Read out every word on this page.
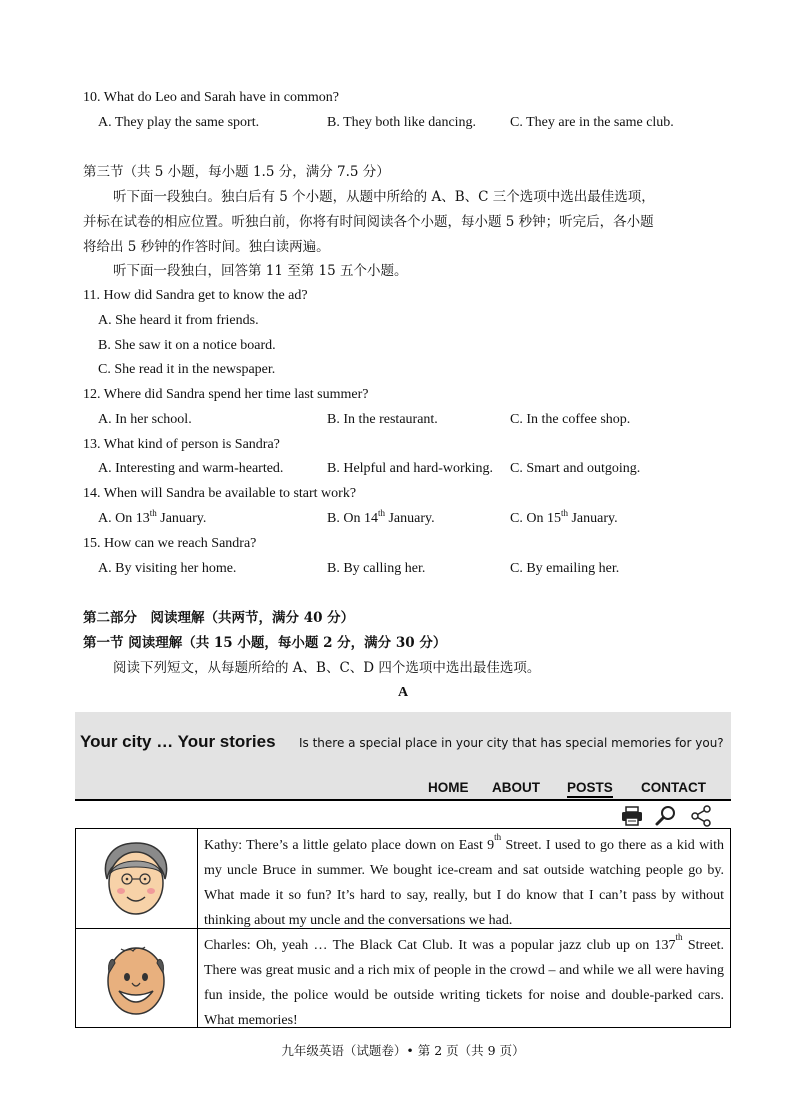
10. What do Leo and Sarah have in common?
A. They play the same sport.	B. They both like dancing. C. They are in the same club.
第三节（共 5 小题，每小题 1.5 分，满分 7.5 分）
听下面一段独白。独白后有 5 个小题，从题中所给的 A、B、C 三个选项中选出最佳选项，
并标在试卷的相应位置。听独白前，你将有时间阅读各个小题，每小题 5 秒钟；听完后，各小题
将给出 5 秒钟的作答时间。独白读两遍。
听下面一段独白，回答第 11 至第 15 五个小题。
11. How did Sandra get to know the ad?
A. She heard it from friends.
B. She saw it on a notice board.
C. She read it in the newspaper.
12. Where did Sandra spend her time last summer?
A. In her school.	B. In the restaurant.	C. In the coffee shop.
13. What kind of person is Sandra?
A. Interesting and warm-hearted.	B. Helpful and hard-working. C. Smart and outgoing.
14. When will Sandra be available to start work?
A. On 13th January.	B. On 14th January.	C. On 15th January.
15. How can we reach Sandra?
A. By visiting her home.	B. By calling her.	C. By emailing her.
第二部分　阅读理解（共两节，满分 40 分）
第一节 阅读理解（共 15 小题，每小题 2 分，满分 30 分）
阅读下列短文，从每题所给的 A、B、C、D 四个选项中选出最佳选项。
A
Your city … Your stories Is there a special place in your city that has special memories for you?
HOME ABOUT POSTS CONTACT
Kathy: There’s a little gelato place down on East 9th Street. I used to go there as a kid with my uncle Bruce in summer. We bought ice-cream and sat outside watching people go by. What made it so fun? It’s hard to say, really, but I do know that I can’t pass by without thinking about my uncle and the conversations we had.
Charles: Oh, yeah … The Black Cat Club. It was a popular jazz club up on 137th Street. There was great music and a rich mix of people in the crowd – and while we all were having fun inside, the police would be outside writing tickets for noise and double-parked cars. What memories!
九年级英语（试题卷）• 第 2 页（共 9 页）
